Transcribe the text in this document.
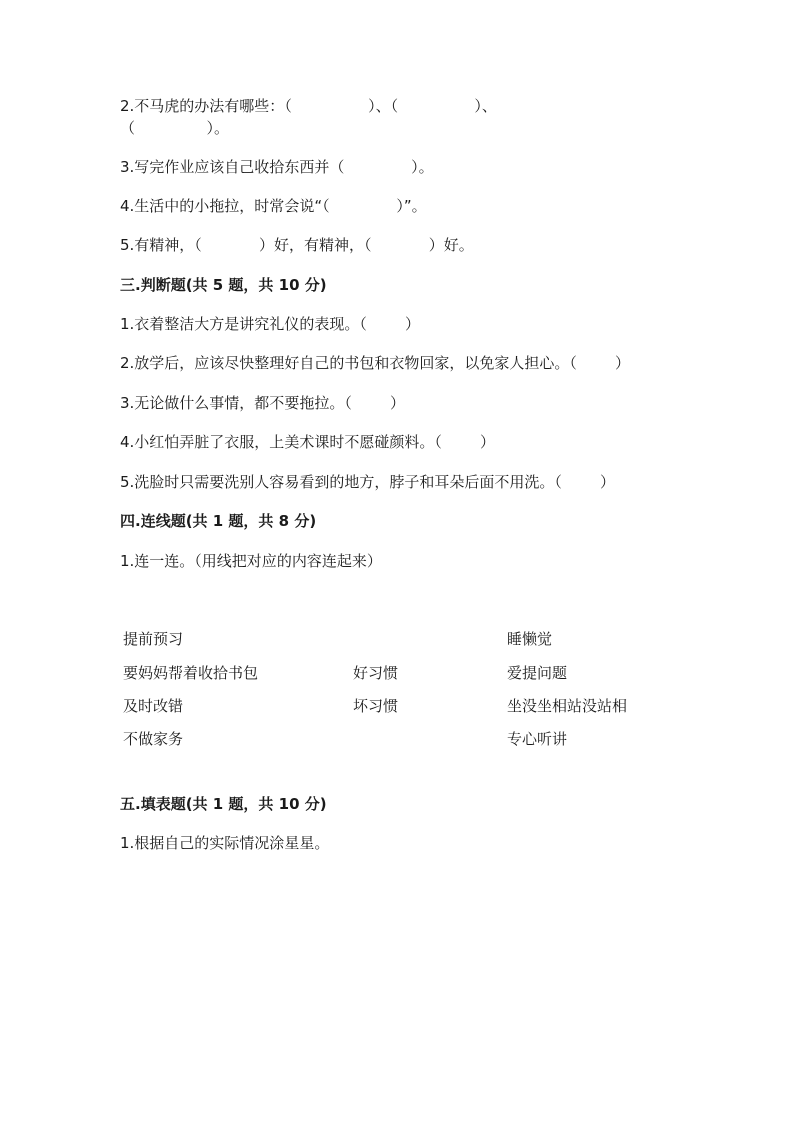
2.不马虎的办法有哪些：（                ）、（                ）、
（               ）。
3.写完作业应该自己收拾东西并（              ）。
4.生活中的小拖拉，时常会说“（              ）”。
5.有精神，（            ）好，有精神，（            ）好。
三.判断题(共 5 题，共 10 分)
1.衣着整洁大方是讲究礼仪的表现。（        ）
2.放学后，应该尽快整理好自己的书包和衣物回家，以免家人担心。（        ）
3.无论做什么事情，都不要拖拉。（        ）
4.小红怕弄脏了衣服，上美术课时不愿碰颜料。（        ）
5.洗脸时只需要洗别人容易看到的地方，脖子和耳朵后面不用洗。（        ）
四.连线题(共 1 题，共 8 分)
1.连一连。（用线把对应的内容连起来）
提前预习
要妈妈帮着收拾书包
及时改错
不做家务
好习惯
坏习惯
睡懒觉
爱提问题
坐没坐相站没站相
专心听讲
五.填表题(共 1 题，共 10 分)
1.根据自己的实际情况涂星星。
